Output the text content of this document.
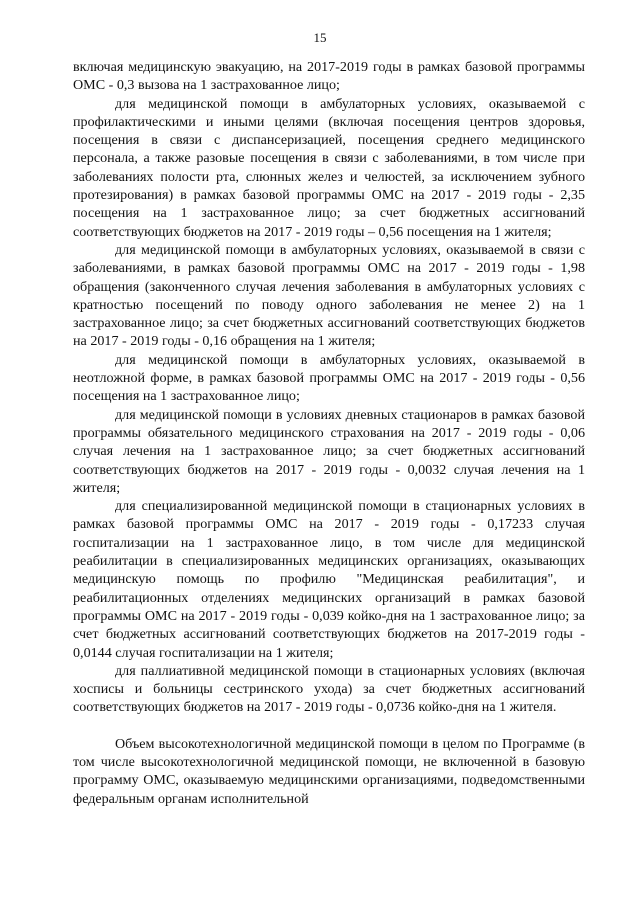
15

включая медицинскую эвакуацию, на 2017-2019 годы в рамках базовой программы ОМС - 0,3 вызова на 1 застрахованное лицо;

для медицинской помощи в амбулаторных условиях, оказываемой с профилактическими и иными целями (включая посещения центров здоровья, посещения в связи с диспансеризацией, посещения среднего медицинского персонала, а также разовые посещения в связи с заболеваниями, в том числе при заболеваниях полости рта, слюнных желез и челюстей, за исключением зубного протезирования) в рамках базовой программы ОМС на 2017 - 2019 годы - 2,35 посещения на 1 застрахованное лицо; за счет бюджетных ассигнований соответствующих бюджетов на 2017 - 2019 годы – 0,56 посещения на 1 жителя;

для медицинской помощи в амбулаторных условиях, оказываемой в связи с заболеваниями, в рамках базовой программы ОМС на 2017 - 2019 годы - 1,98 обращения (законченного случая лечения заболевания в амбулаторных условиях с кратностью посещений по поводу одного заболевания не менее 2) на 1 застрахованное лицо; за счет бюджетных ассигнований соответствующих бюджетов на 2017 - 2019 годы - 0,16 обращения на 1 жителя;

для медицинской помощи в амбулаторных условиях, оказываемой в неотложной форме, в рамках базовой программы ОМС на 2017 - 2019 годы - 0,56 посещения на 1 застрахованное лицо;

для медицинской помощи в условиях дневных стационаров в рамках базовой программы обязательного медицинского страхования на 2017 - 2019 годы - 0,06 случая лечения на 1 застрахованное лицо; за счет бюджетных ассигнований соответствующих бюджетов на 2017 - 2019 годы - 0,0032 случая лечения на 1 жителя;

для специализированной медицинской помощи в стационарных условиях в рамках базовой программы ОМС на 2017 - 2019 годы - 0,17233 случая госпитализации на 1 застрахованное лицо, в том числе для медицинской реабилитации в специализированных медицинских организациях, оказывающих медицинскую помощь по профилю "Медицинская реабилитация", и реабилитационных отделениях медицинских организаций в рамках базовой программы ОМС на 2017 - 2019 годы - 0,039 койко-дня на 1 застрахованное лицо; за счет бюджетных ассигнований соответствующих бюджетов на 2017-2019 годы - 0,0144 случая госпитализации на 1 жителя;

для паллиативной медицинской помощи в стационарных условиях (включая хосписы и больницы сестринского ухода) за счет бюджетных ассигнований соответствующих бюджетов на 2017 - 2019 годы - 0,0736 койко-дня на 1 жителя.

Объем высокотехнологичной медицинской помощи в целом по Программе (в том числе высокотехнологичной медицинской помощи, не включенной в базовую программу ОМС, оказываемую медицинскими организациями, подведомственными федеральным органам исполнительной
